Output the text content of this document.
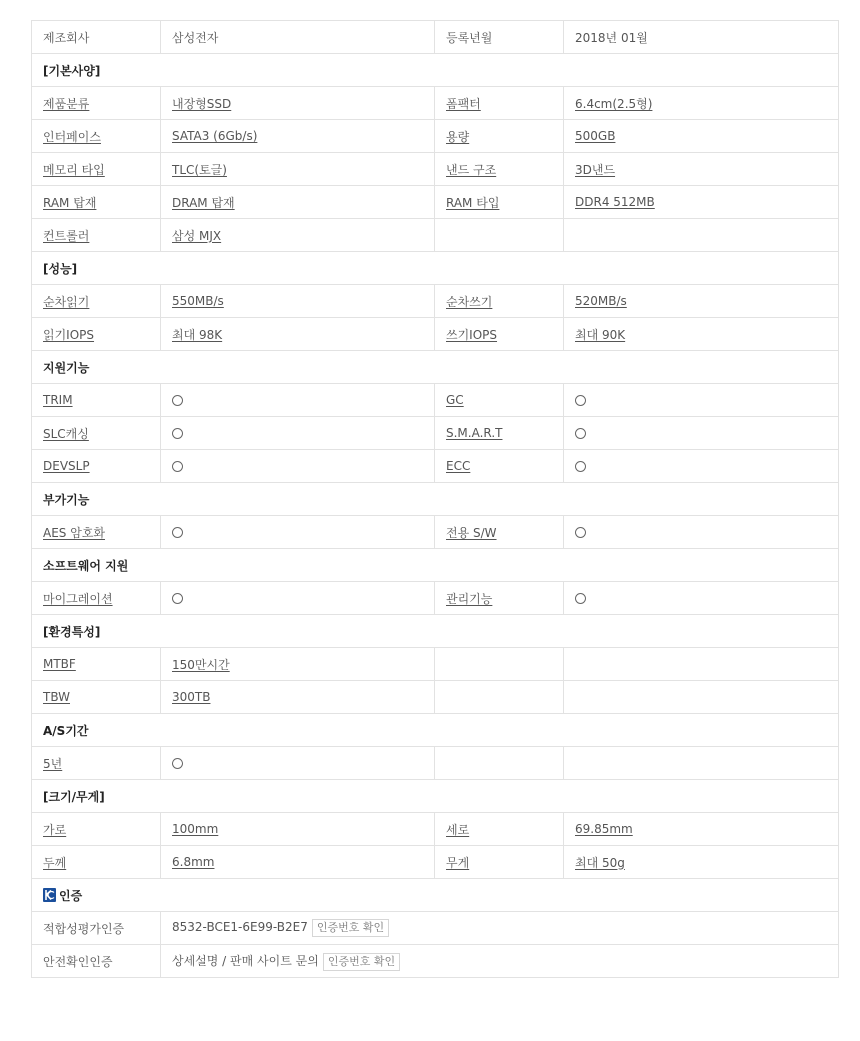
제조회사	삼성전자	등록년월	2018년 01월
[기본사양]			
제품분류	내장형SSD	폼팩터	6.4cm(2.5형)
인터페이스	SATA3 (6Gb/s)	용량	500GB
메모리 타입	TLC(토글)	낸드 구조	3D낸드
RAM 탑재	DRAM 탑재	RAM 타입	DDR4 512MB
컨트롤러	삼성 MJX		
[성능]			
순차읽기	550MB/s	순차쓰기	520MB/s
읽기IOPS	최대 98K	쓰기IOPS	최대 90K
지원기능			
TRIM		GC	
SLC캐싱		S.M.A.R.T	
DEVSLP		ECC	
부가기능			
AES 암호화		전용 S/W	
소프트웨어 지원			
마이그레이션		관리기능	
[환경특성]			
MTBF	150만시간		
TBW	300TB		
A/S기간			
5년			
[크기/무게]			
가로	100mm	세로	69.85mm
두께	6.8mm	무게	최대 50g
인증			
적합성평가인증	8532-BCE1-6E99-B2E7 인증번호 확인		
안전확인인증	상세설명 / 판매 사이트 문의 인증번호 확인		
